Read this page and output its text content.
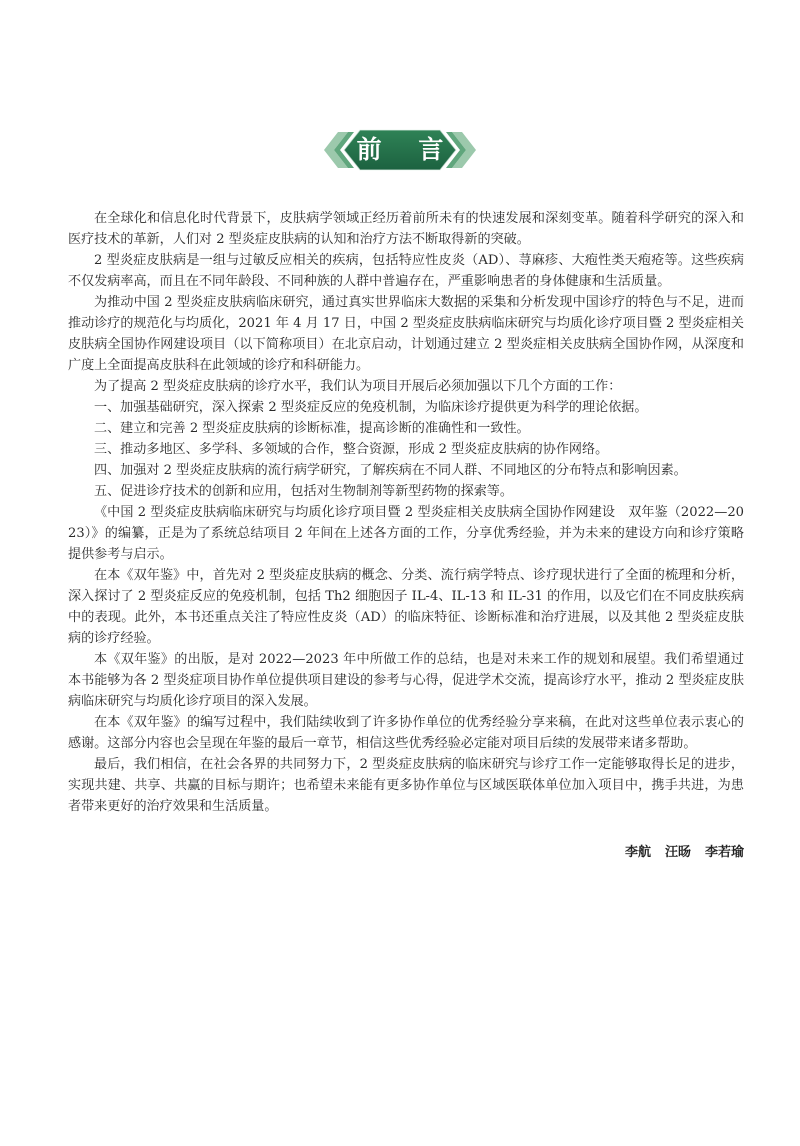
前 言

在全球化和信息化时代背景下，皮肤病学领域正经历着前所未有的快速发展和深刻变革。随着科学研究的深入和医疗技术的革新，人们对 2 型炎症皮肤病的认知和治疗方法不断取得新的突破。

2 型炎症皮肤病是一组与过敏反应相关的疾病，包括特应性皮炎（AD）、荨麻疹、大疱性类天疱疮等。这些疾病不仅发病率高，而且在不同年龄段、不同种族的人群中普遍存在，严重影响患者的身体健康和生活质量。

为推动中国 2 型炎症皮肤病临床研究，通过真实世界临床大数据的采集和分析发现中国诊疗的特色与不足，进而推动诊疗的规范化与均质化，2021 年 4 月 17 日，中国 2 型炎症皮肤病临床研究与均质化诊疗项目暨 2 型炎症相关皮肤病全国协作网建设项目（以下简称项目）在北京启动，计划通过建立 2 型炎症相关皮肤病全国协作网，从深度和广度上全面提高皮肤科在此领域的诊疗和科研能力。

为了提高 2 型炎症皮肤病的诊疗水平，我们认为项目开展后必须加强以下几个方面的工作：

一、加强基础研究，深入探索 2 型炎症反应的免疫机制，为临床诊疗提供更为科学的理论依据。

二、建立和完善 2 型炎症皮肤病的诊断标准，提高诊断的准确性和一致性。

三、推动多地区、多学科、多领域的合作，整合资源，形成 2 型炎症皮肤病的协作网络。

四、加强对 2 型炎症皮肤病的流行病学研究，了解疾病在不同人群、不同地区的分布特点和影响因素。

五、促进诊疗技术的创新和应用，包括对生物制剂等新型药物的探索等。

《中国 2 型炎症皮肤病临床研究与均质化诊疗项目暨 2 型炎症相关皮肤病全国协作网建设　双年鉴（2022—2023）》的编纂，正是为了系统总结项目 2 年间在上述各方面的工作，分享优秀经验，并为未来的建设方向和诊疗策略提供参考与启示。

在本《双年鉴》中，首先对 2 型炎症皮肤病的概念、分类、流行病学特点、诊疗现状进行了全面的梳理和分析，深入探讨了 2 型炎症反应的免疫机制，包括 Th2 细胞因子 IL-4、IL-13 和 IL-31 的作用，以及它们在不同皮肤疾病中的表现。此外，本书还重点关注了特应性皮炎（AD）的临床特征、诊断标准和治疗进展，以及其他 2 型炎症皮肤病的诊疗经验。

本《双年鉴》的出版，是对 2022—2023 年中所做工作的总结，也是对未来工作的规划和展望。我们希望通过本书能够为各 2 型炎症项目协作单位提供项目建设的参考与心得，促进学术交流，提高诊疗水平，推动 2 型炎症皮肤病临床研究与均质化诊疗项目的深入发展。

在本《双年鉴》的编写过程中，我们陆续收到了许多协作单位的优秀经验分享来稿，在此对这些单位表示衷心的感谢。这部分内容也会呈现在年鉴的最后一章节，相信这些优秀经验必定能对项目后续的发展带来诸多帮助。

最后，我们相信，在社会各界的共同努力下，2 型炎症皮肤病的临床研究与诊疗工作一定能够取得长足的进步，实现共建、共享、共赢的目标与期许；也希望未来能有更多协作单位与区域医联体单位加入项目中，携手共进，为患者带来更好的治疗效果和生活质量。

李航 汪旸 李若瑜
